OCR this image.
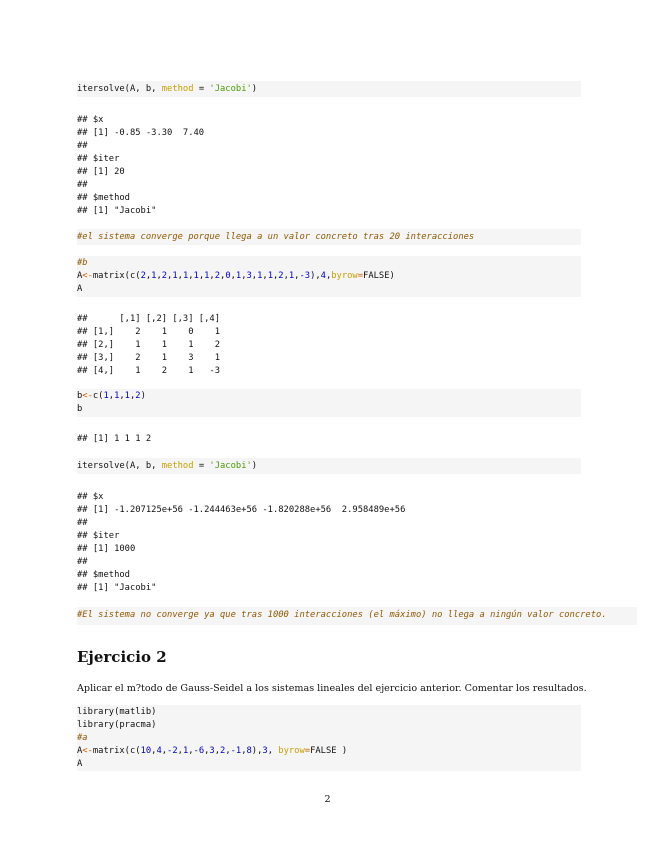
itersolve(A, b, method = 'Jacobi')
## $x
## [1] -0.85 -3.30  7.40
##
## $iter
## [1] 20
##
## $method
## [1] "Jacobi"
#el sistema converge porque llega a un valor concreto tras 20 interacciones
#b
A<-matrix(c(2,1,2,1,1,1,1,2,0,1,3,1,1,2,1,-3),4,byrow=FALSE)
A
##      [,1] [,2] [,3] [,4]
## [1,]    2    1    0    1
## [2,]    1    1    1    2
## [3,]    2    1    3    1
## [4,]    1    2    1   -3
b<-c(1,1,1,2)
b
## [1] 1 1 1 2
itersolve(A, b, method = 'Jacobi')
## $x
## [1] -1.207125e+56 -1.244463e+56 -1.820288e+56  2.958489e+56
##
## $iter
## [1] 1000
##
## $method
## [1] "Jacobi"
#El sistema no converge ya que tras 1000 interacciones (el máximo) no llega a ningún valor concreto.
Ejercicio 2
Aplicar el m?todo de Gauss-Seidel a los sistemas lineales del ejercicio anterior. Comentar los resultados.
library(matlib)
library(pracma)
#a
A<-matrix(c(10,4,-2,1,-6,3,2,-1,8),3, byrow=FALSE )
A
2
